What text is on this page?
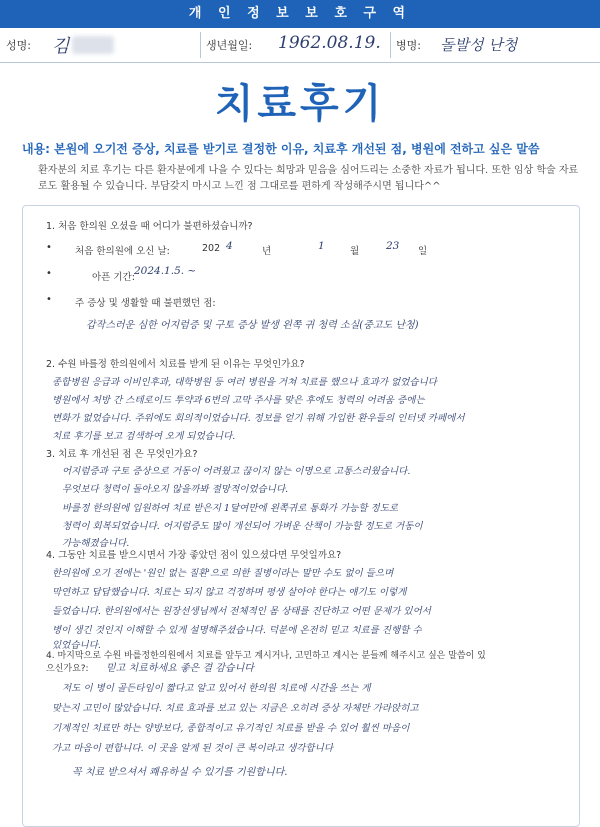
개 인 정 보 보 호 구 역
성명: 김	생년월일: 1962.08.19. 병명: 돌발성 난청
치료후기
내용: 본원에 오기전 증상, 치료를 받기로 결정한 이유, 치료후 개선된 점, 병원에 전하고 싶은 말씀
환자분의 치료 후기는 다른 환자분에게 나을 수 있다는 희망과 믿음을 심어드리는 소중한 자료가 됩니다. 또한 임상 학술 자료로도 활용될 수 있습니다. 부담갖지 마시고 느낀 점 그대로를 편하게 작성해주시면 됩니다^^
1. 처음 한의원 오셨을 때 어디가 불편하셨습니까?
• 처음 한의원에 오신 날:	202 4	년	1	월	23 일
•	아픈 기간:
2024.1.5. ~
• 주 증상 및 생활할 때 불편했던 점:
갑작스러운 심한 어지럼증 및 구토 증상 발생 왼쪽 귀 청력 소실(중고도 난청)
2. 수원 바를정 한의원에서 치료를 받게 된 이유는 무엇인가요?
종합병원 응급과 이비인후과, 대학병원 등 여러 병원을 거쳐 치료를 했으나 효과가 없었습니다
병원에서 처방 간 스테로이드 투약과 6번의 고막 주사를 맞은 후에도 청력의 어려움 증에는
변화가 없었습니다. 주위에도 회의적이었습니다. 정보를 얻기 위해 가입한 환우들의 인터넷 카페에서
치료 후기를 보고 검색하여 오게 되었습니다.
3. 치료 후 개선된 점 은 무엇인가요?
어지럼증과 구토 증상으로 거동이 어려웠고 끊이지 않는 이명으로 고통스러웠습니다.
무엇보다 청력이 돌아오지 않을까봐 절망적이었습니다.
바를정 한의원에 입원하여 치료 받은지 1달여만에 왼쪽귀로 통화가 가능할 정도로
청력이 회복되었습니다. 어지럼증도 많이 개선되어 가벼운 산책이 가능할 정도로 거동이
가능해졌습니다.
4. 그동안 치료를 받으시면서 가장 좋았던 점이 있으셨다면 무엇일까요?
한의원에 오기 전에는 '원인 없는 질환'으로 의한 질병이라는 말만 수도 없이 들으며
막연하고 답답했습니다. 치료는 되지 않고 걱정하며 평생 살아야 한다는 얘기도 이렇게
들었습니다. 한의원에서는 원장선생님께서 전체적인 몸 상태를 진단하고 어떤 문제가 있어서
병이 생긴 것인지 이해할 수 있게 설명해주셨습니다. 덕분에 온전히 믿고 치료를 진행할 수
있었습니다.
4. 마지막으로 수원 바를정한의원에서 치료를 앞두고 계시거나, 고민하고 계시는 분들께 해주시고 싶은 말씀이 있
으신가요?: 믿고 치료하세요 좋은 결 감습니다
저도 이 병이 골든타임이 짧다고 알고 있어서 한의원 치료에 시간을 쓰는 게
맞는지 고민이 많았습니다. 치료 효과를 보고 있는 지금은 오히려 증상 자체만 가라앉히고
기계적인 치료만 하는 양방보다, 종합적이고 유기적인 치료를 받을 수 있어 훨씬 마음이
가고 마음이 편합니다. 이 곳을 알게 된 것이 큰 복이라고 생각합니다
꼭 치료 받으셔서 쾌유하실 수 있기를 기원합니다.
